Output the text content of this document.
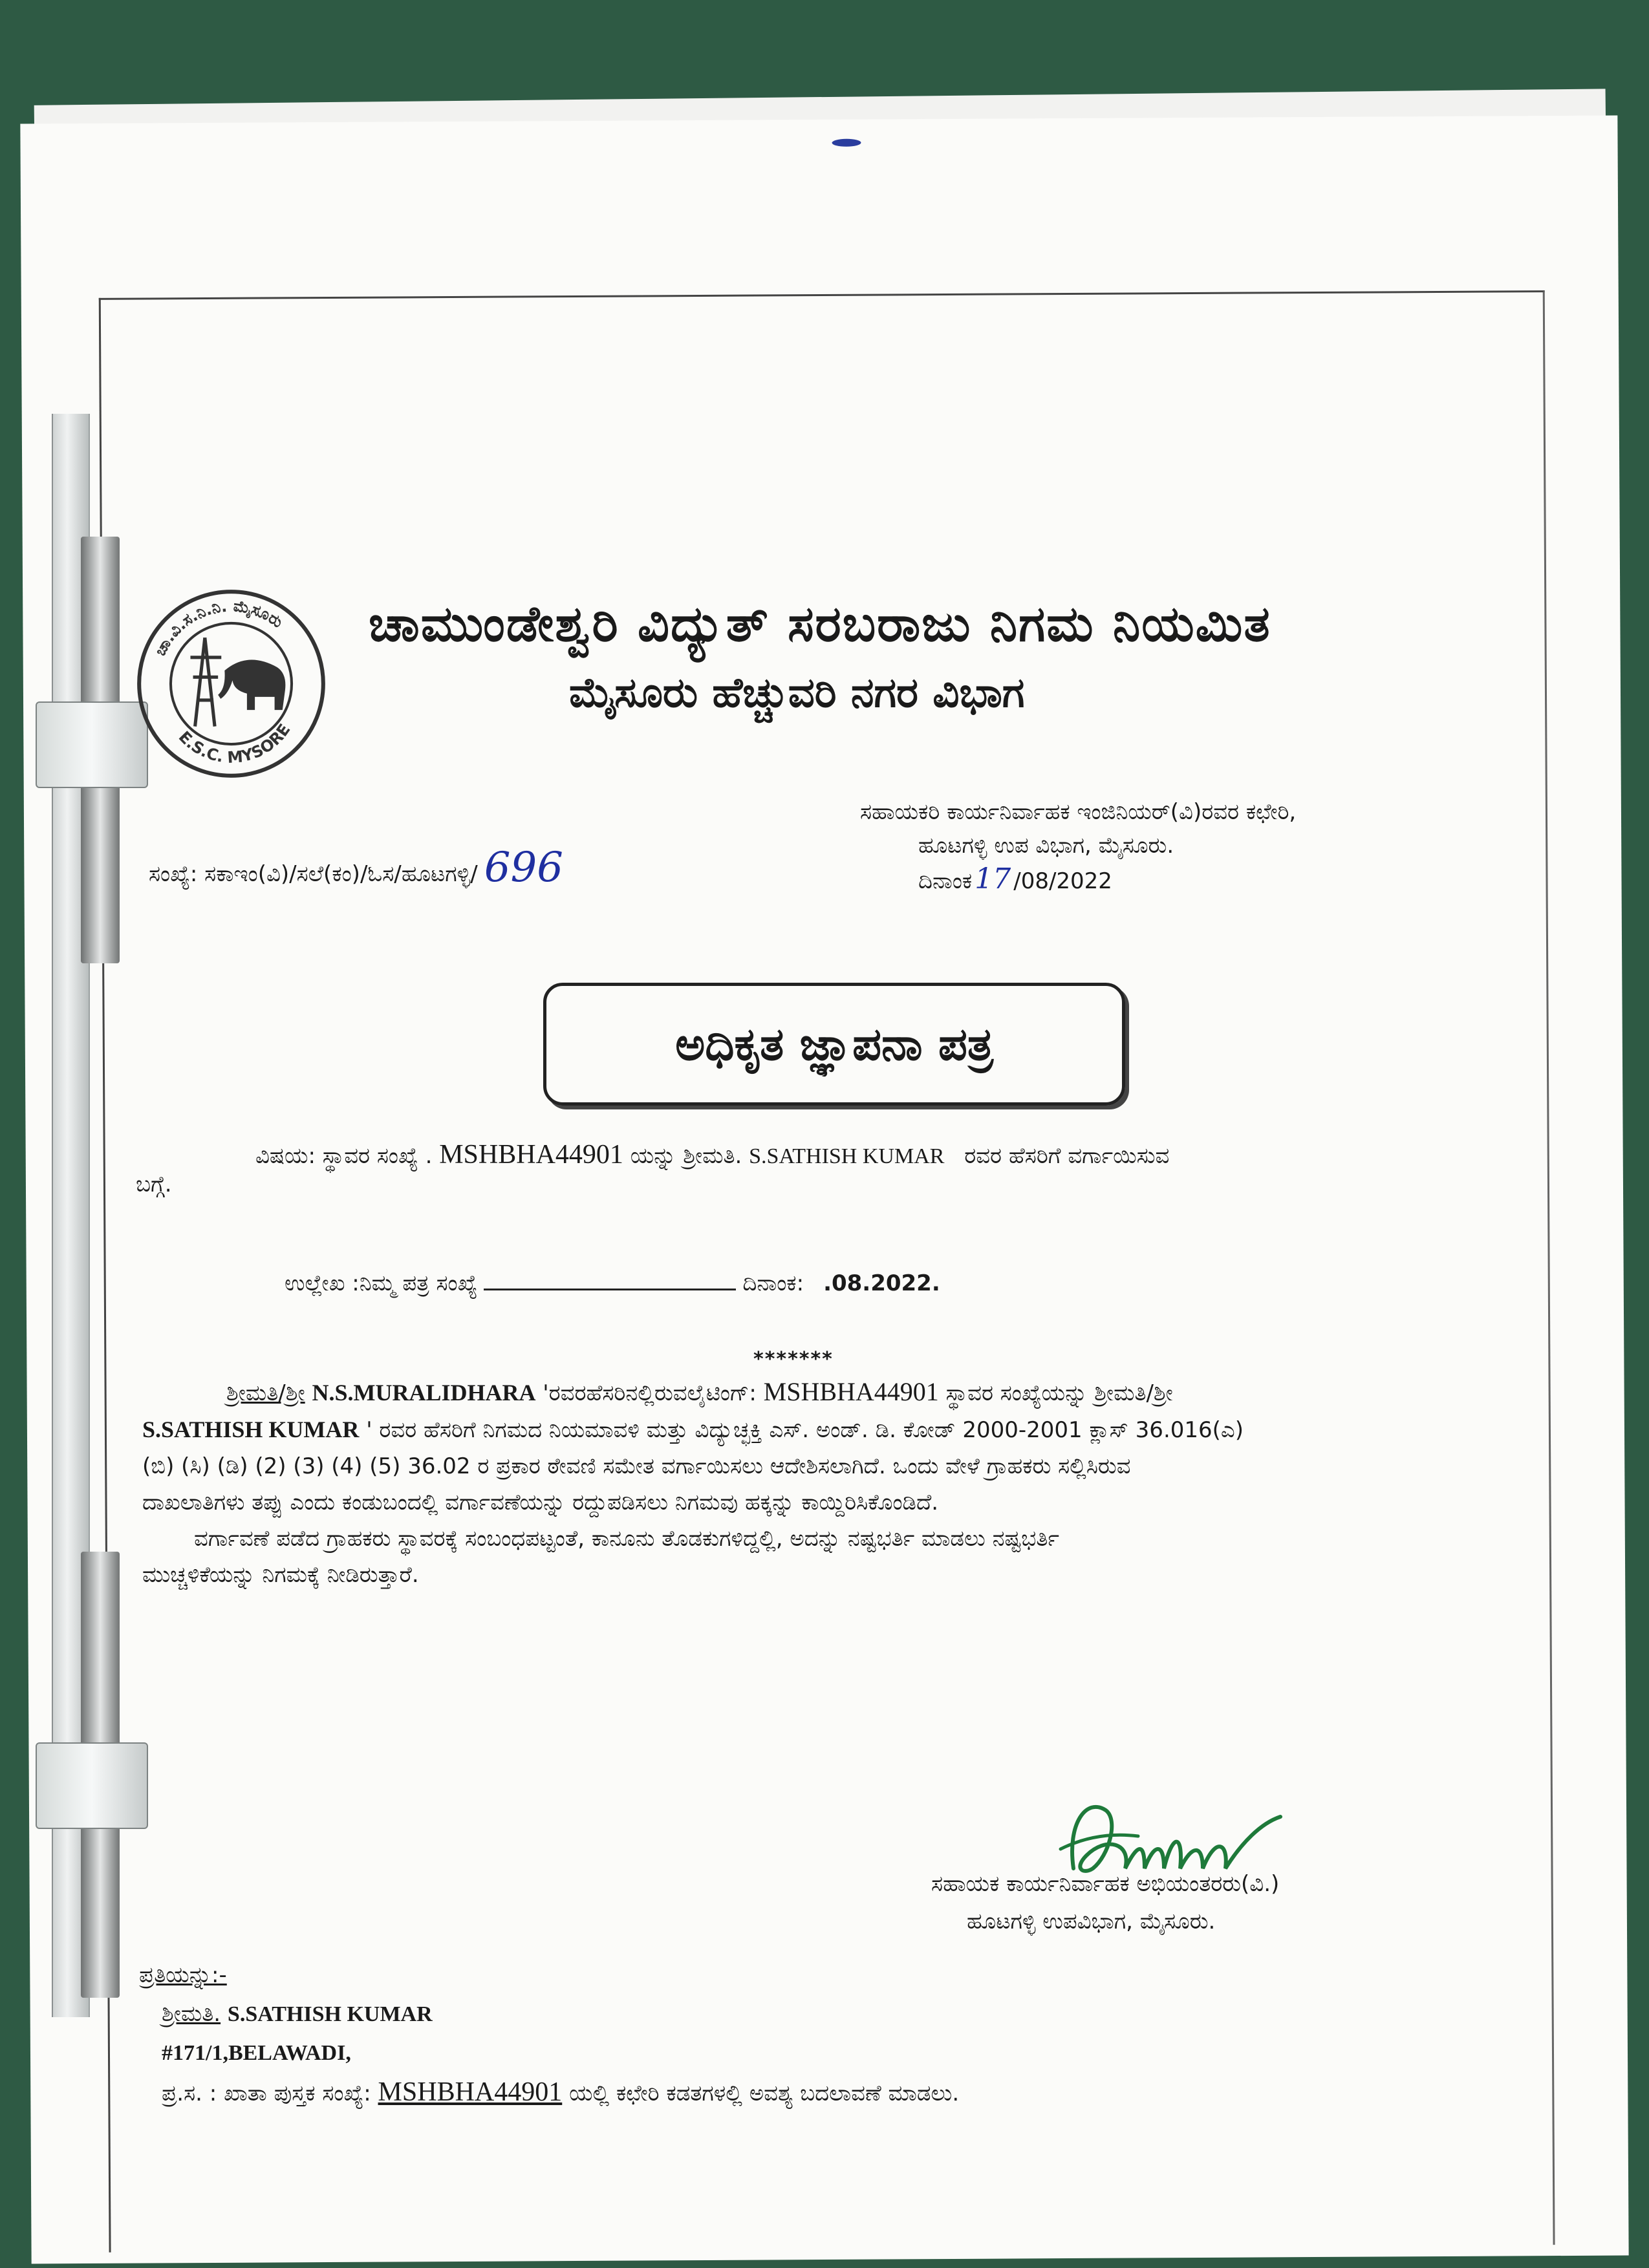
ಚಾ.ವಿ.ಸ.ನಿ.ನಿ. ಮೈಸೂರು
E.S.C. MYSORE
ಚಾಮುಂಡೇಶ್ವರಿ ವಿದ್ಯುತ್ ಸರಬರಾಜು ನಿಗಮ ನಿಯಮಿತ
ಮೈಸೂರು ಹೆಚ್ಚುವರಿ ನಗರ ವಿಭಾಗ
ಸಹಾಯಕರಿ ಕಾರ್ಯನಿರ್ವಾಹಕ ಇಂಜಿನಿಯರ್(ವಿ)ರವರ ಕಛೇರಿ,
ಹೂಟಗಳ್ಳಿ ಉಪ ವಿಭಾಗ, ಮೈಸೂರು.
ದಿನಾಂಕ 17 /08/2022
ಸಂಖ್ಯೆ: ಸಕಾಇಂ(ವಿ)/ಸಲೆ(ಕಂ)/ಓಸ/ಹೂಟಗಳ್ಳಿ/ 696
ಅಧಿಕೃತ ಜ್ಞಾಪನಾ ಪತ್ರ
ವಿಷಯ: ಸ್ಥಾವರ ಸಂಖ್ಯೆ . MSHBHA44901 ಯನ್ನು ಶ್ರೀಮತಿ. S.SATHISH KUMAR ರವರ ಹೆಸರಿಗೆ ವರ್ಗಾಯಿಸುವ
ಬಗ್ಗೆ.
ಉಲ್ಲೇಖ :ನಿಮ್ಮ ಪತ್ರ ಸಂಖ್ಯೆ	ದಿನಾಂಕ: .08.2022.
*******

ಶ್ರೀಮತಿ/ಶ್ರೀ N.S.MURALIDHARA 'ರವರಹೆಸರಿನಲ್ಲಿರುವಲೈಟಿಂಗ್: MSHBHA44901 ಸ್ಥಾವರ ಸಂಖ್ಯೆಯನ್ನು ಶ್ರೀಮತಿ/ಶ್ರೀ
S.SATHISH KUMAR ' ರವರ ಹೆಸರಿಗೆ ನಿಗಮದ ನಿಯಮಾವಳಿ ಮತ್ತು ವಿದ್ಯುಚ್ಛಕ್ತಿ ಎಸ್. ಅಂಡ್. ಡಿ. ಕೋಡ್ 2000-2001 ಕ್ಲಾಸ್ 36.016(ಎ)
(ಬಿ) (ಸಿ) (ಡಿ) (2) (3) (4) (5) 36.02 ರ ಪ್ರಕಾರ ಠೇವಣಿ ಸಮೇತ ವರ್ಗಾಯಿಸಲು ಆದೇಶಿಸಲಾಗಿದೆ. ಒಂದು ವೇಳೆ ಗ್ರಾಹಕರು ಸಲ್ಲಿಸಿರುವ
ದಾಖಲಾತಿಗಳು ತಪ್ಪು ಎಂದು ಕಂಡುಬಂದಲ್ಲಿ ವರ್ಗಾವಣೆಯನ್ನು ರದ್ದುಪಡಿಸಲು ನಿಗಮವು ಹಕ್ಕನ್ನು ಕಾಯ್ದಿರಿಸಿಕೊಂಡಿದೆ.

ವರ್ಗಾವಣೆ ಪಡೆದ ಗ್ರಾಹಕರು ಸ್ಥಾವರಕ್ಕೆ ಸಂಬಂಧಪಟ್ಟಂತೆ, ಕಾನೂನು ತೊಡಕುಗಳಿದ್ದಲ್ಲಿ, ಅದನ್ನು ನಷ್ಟಭರ್ತಿ ಮಾಡಲು ನಷ್ಟಭರ್ತಿ
ಮುಚ್ಚಳಿಕೆಯನ್ನು ನಿಗಮಕ್ಕೆ ನೀಡಿರುತ್ತಾರೆ.

ಸಹಾಯಕ ಕಾರ್ಯನಿರ್ವಾಹಕ ಅಭಿಯಂತರರು(ವಿ.)
ಹೂಟಗಳ್ಳಿ ಉಪವಿಭಾಗ, ಮೈಸೂರು.
ಪ್ರತಿಯನ್ನು:-
ಶ್ರೀಮತಿ. S.SATHISH KUMAR
#171/1,BELAWADI,
ಪ್ರ.ಸ. : ಖಾತಾ ಪುಸ್ತಕ ಸಂಖ್ಯೆ: MSHBHA44901 ಯಲ್ಲಿ ಕಛೇರಿ ಕಡತಗಳಲ್ಲಿ ಅವಶ್ಯ ಬದಲಾವಣೆ ಮಾಡಲು.
